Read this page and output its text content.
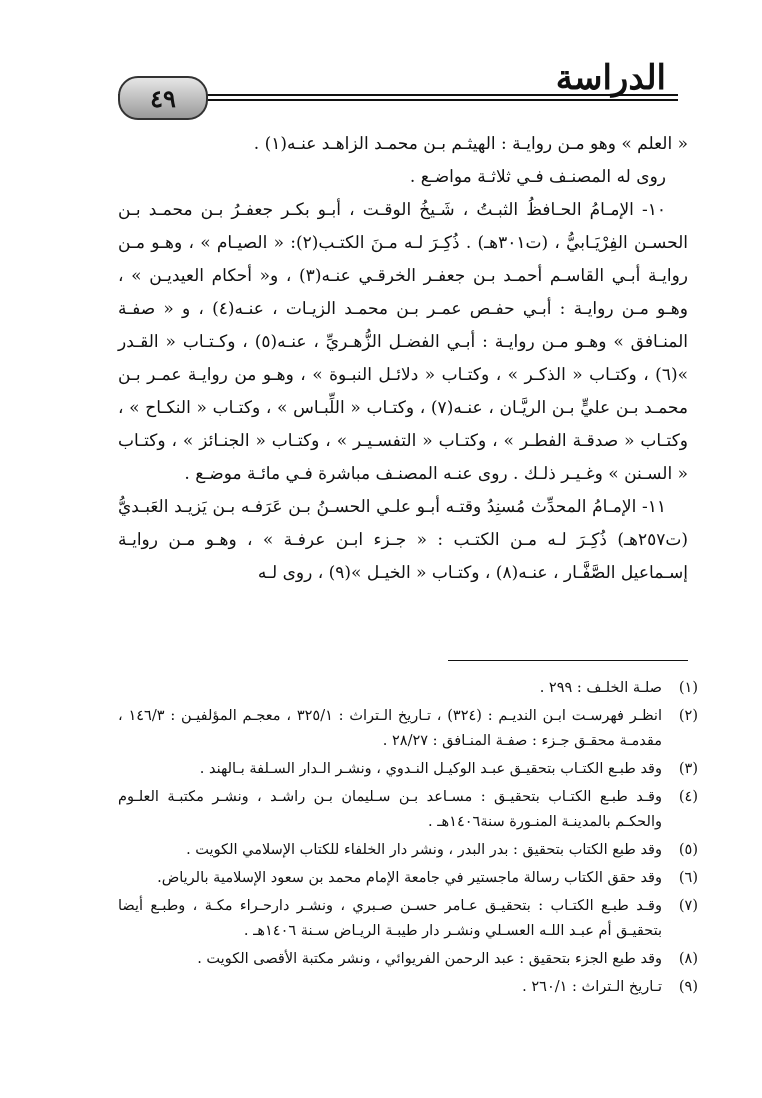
٤٩	الدراسة

« العلم » وهو مـن روايـة : الهيثـم بـن محمـد الزاهـد عنـه(١) .

روى له المصنـف فـي ثلاثـة مواضـع .

١٠- الإمـامُ الحـافظُ الثبـتُ ، شَـيخُ الوقـت ، أبـو بكـر جعفـرُ بـن محمـد بـن الحسـن الفِرْيَـابيُّ ، (ت٣٠١هـ) . ذُكِـرَ لـه مـنَ الكتـب(٢): « الصيـام » ، وهـو مـن روايـة أبـي القاسـم أحمـد بـن جعفـر الخرقـي عنـه(٣) ، و« أحكام العيديـن » ، وهـو مـن روايـة : أبـي حفـص عمـر بـن محمـد الزيـات ، عنـه(٤) ، و « صفـة المنـافق » وهـو مـن روايـة : أبـي الفضـل الزُّهـريِّ ، عنـه(٥) ، وكـتـاب « القـدر »(٦) ، وكتـاب « الذكـر » ، وكتـاب « دلائـل النبـوة » ، وهـو من روايـة عمـر بـن محمـد بـن عليٍّ بـن الريَّـان ، عنـه(٧) ، وكتـاب « اللِّبـاس » ، وكتـاب « النكـاح » ، وكتـاب « صدقـة الفطـر » ، وكتـاب « التفسـيـر » ، وكتـاب « الجنـائز » ، وكتـاب « السـنن » وغـيـر ذلـك . روى عنـه المصنـف مباشرة فـي مائـة موضـع .

١١- الإمـامُ المحدِّث مُسنِدُ وقتـه أبـو علـي الحسـنُ بـن عَرَفـه بـن يَزيـد العَبـديُّ (ت٢٥٧هـ) ذُكِـرَ لـه مـن الكتـب : « جـزء ابـن عرفـة » ، وهـو مـن روايـة إسـماعيل الصَّفَّـار ، عنـه(٨) ، وكتـاب « الخيـل »(٩) ، روى لـه

(١)
صلـة الخلـف : ٢٩٩ .
(٢)
انظـر فهرسـت ابـن النديـم : (٣٢٤) ، تـاريخ الـتراث : ٣٢٥/١ ، معجـم المؤلفيـن : ١٤٦/٣ ، مقدمـة محقـق جـزء : صفـة المنـافق : ٢٨/٢٧ .
(٣)
وقد طبـع الكتـاب بتحقيـق عبـد الوكيـل النـدوي ، ونشـر الـدار السـلفة بـالهند .
(٤)
وقـد طبـع الكتـاب بتحقيـق : مسـاعد بـن سـليمان بـن راشـد ، ونشـر مكتبـة العلـوم والحكـم بالمدينـة المنـورة سنة١٤٠٦هـ .
(٥)
وقد طبع الكتاب بتحقيق : بدر البدر ، ونشر دار الخلفاء للكتاب الإسلامي الكويت .
(٦)
وقد حقق الكتاب رسالة ماجستير في جامعة الإمام محمد بن سعود الإسلامية بالرياض.
(٧)
وقـد طبـع الكتـاب : بتحقيـق عـامر حسـن صـبري ، ونشـر دارحـراء مكـة ، وطبـع أيضا بتحقيـق أم عبـد اللـه العسـلي ونشـر دار طيبـة الريـاض سـنة ١٤٠٦هـ .
(٨)
وقد طبع الجزء بتحقيق : عبد الرحمن الفريوائي ، ونشر مكتبة الأقصى الكويت .
(٩)
تـاريخ الـتراث : ٢٦٠/١ .
